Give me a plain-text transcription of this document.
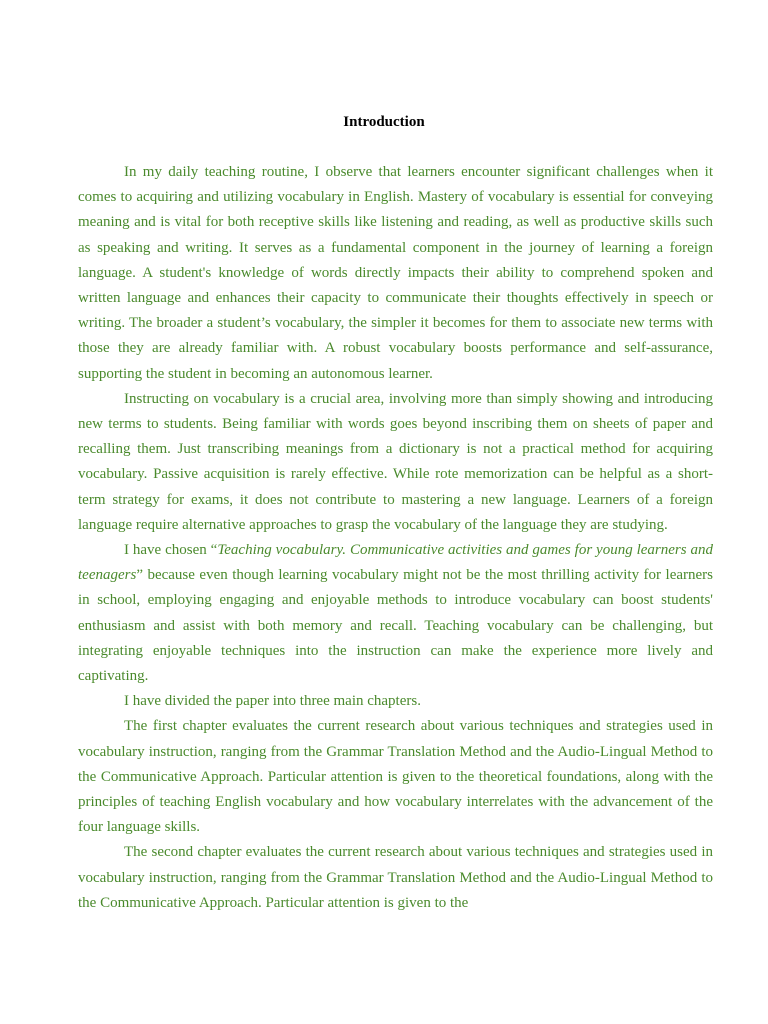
Introduction

In my daily teaching routine, I observe that learners encounter significant challenges when it comes to acquiring and utilizing vocabulary in English. Mastery of vocabulary is essential for conveying meaning and is vital for both receptive skills like listening and reading, as well as productive skills such as speaking and writing. It serves as a fundamental component in the journey of learning a foreign language. A student's knowledge of words directly impacts their ability to comprehend spoken and written language and enhances their capacity to communicate their thoughts effectively in speech or writing. The broader a student’s vocabulary, the simpler it becomes for them to associate new terms with those they are already familiar with. A robust vocabulary boosts performance and self-assurance, supporting the student in becoming an autonomous learner.

Instructing on vocabulary is a crucial area, involving more than simply showing and introducing new terms to students. Being familiar with words goes beyond inscribing them on sheets of paper and recalling them. Just transcribing meanings from a dictionary is not a practical method for acquiring vocabulary. Passive acquisition is rarely effective. While rote memorization can be helpful as a short-term strategy for exams, it does not contribute to mastering a new language. Learners of a foreign language require alternative approaches to grasp the vocabulary of the language they are studying.

I have chosen “Teaching vocabulary. Communicative activities and games for young learners and teenagers” because even though learning vocabulary might not be the most thrilling activity for learners in school, employing engaging and enjoyable methods to introduce vocabulary can boost students' enthusiasm and assist with both memory and recall. Teaching vocabulary can be challenging, but integrating enjoyable techniques into the instruction can make the experience more lively and captivating.

I have divided the paper into three main chapters.

The first chapter evaluates the current research about various techniques and strategies used in vocabulary instruction, ranging from the Grammar Translation Method and the Audio-Lingual Method to the Communicative Approach. Particular attention is given to the theoretical foundations, along with the principles of teaching English vocabulary and how vocabulary interrelates with the advancement of the four language skills.

The second chapter evaluates the current research about various techniques and strategies used in vocabulary instruction, ranging from the Grammar Translation Method and the Audio-Lingual Method to the Communicative Approach. Particular attention is given to the
